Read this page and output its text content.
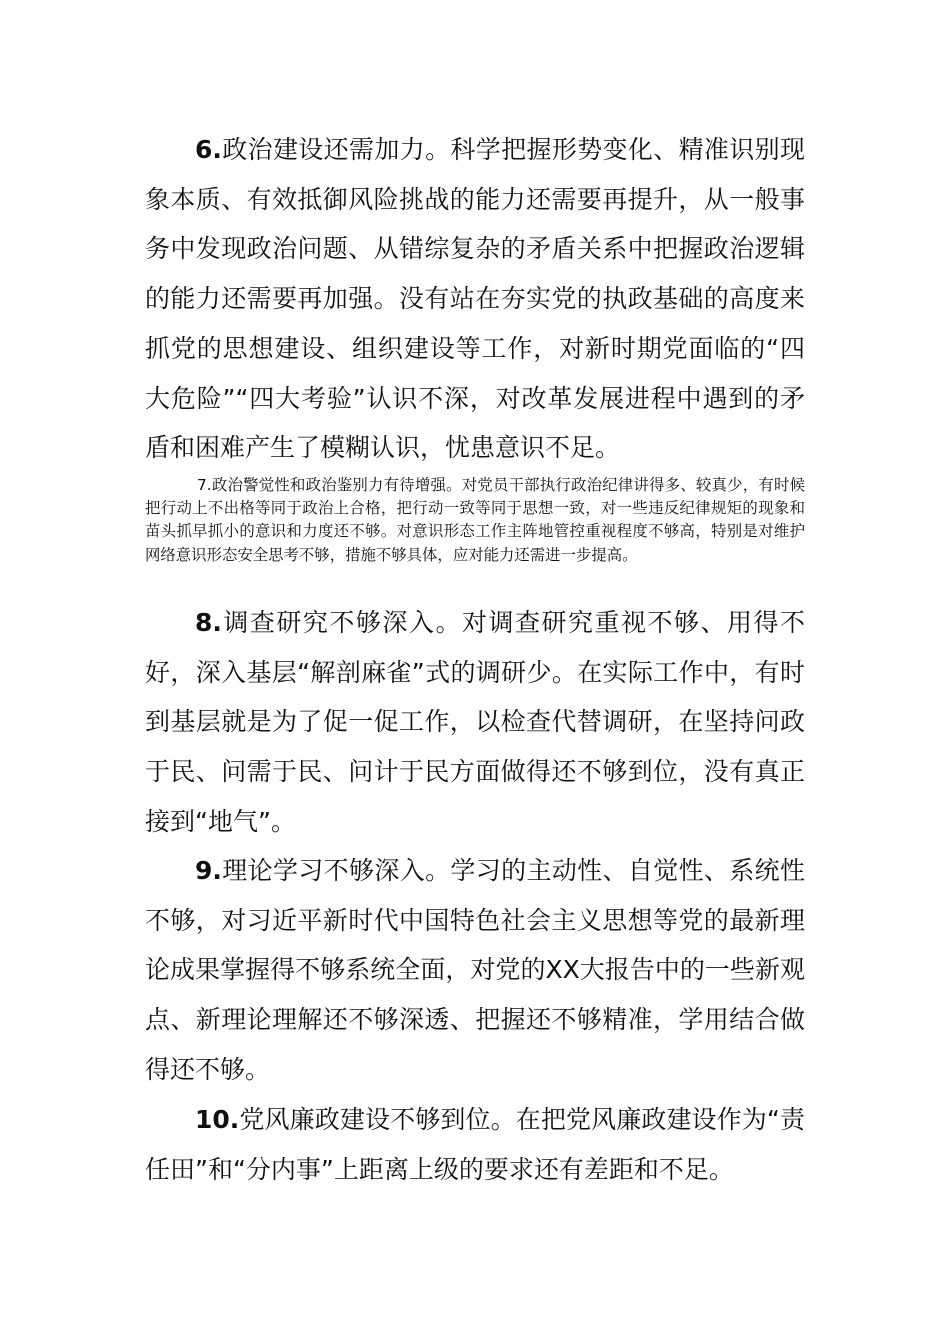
6.政治建设还需加力。科学把握形势变化、精准识别现象本质、有效抵御风险挑战的能力还需要再提升，从一般事务中发现政治问题、从错综复杂的矛盾关系中把握政治逻辑的能力还需要再加强。没有站在夯实党的执政基础的高度来抓党的思想建设、组织建设等工作，对新时期党面临的“四大危险”“四大考验”认识不深，对改革发展进程中遇到的矛盾和困难产生了模糊认识，忧患意识不足。

7.政治警觉性和政治鉴别力有待增强。对党员干部执行政治纪律讲得多、较真少，有时候把行动上不出格等同于政治上合格，把行动一致等同于思想一致，对一些违反纪律规矩的现象和苗头抓早抓小的意识和力度还不够。对意识形态工作主阵地管控重视程度不够高，特别是对维护网络意识形态安全思考不够，措施不够具体，应对能力还需进一步提高。

8.调查研究不够深入。对调查研究重视不够、用得不好，深入基层“解剖麻雀”式的调研少。在实际工作中，有时到基层就是为了促一促工作，以检查代替调研，在坚持问政于民、问需于民、问计于民方面做得还不够到位，没有真正接到“地气”。

9.理论学习不够深入。学习的主动性、自觉性、系统性不够，对习近平新时代中国特色社会主义思想等党的最新理论成果掌握得不够系统全面，对党的XX大报告中的一些新观点、新理论理解还不够深透、把握还不够精准，学用结合做得还不够。

10.党风廉政建设不够到位。在把党风廉政建设作为“责任田”和“分内事”上距离上级的要求还有差距和不足。
